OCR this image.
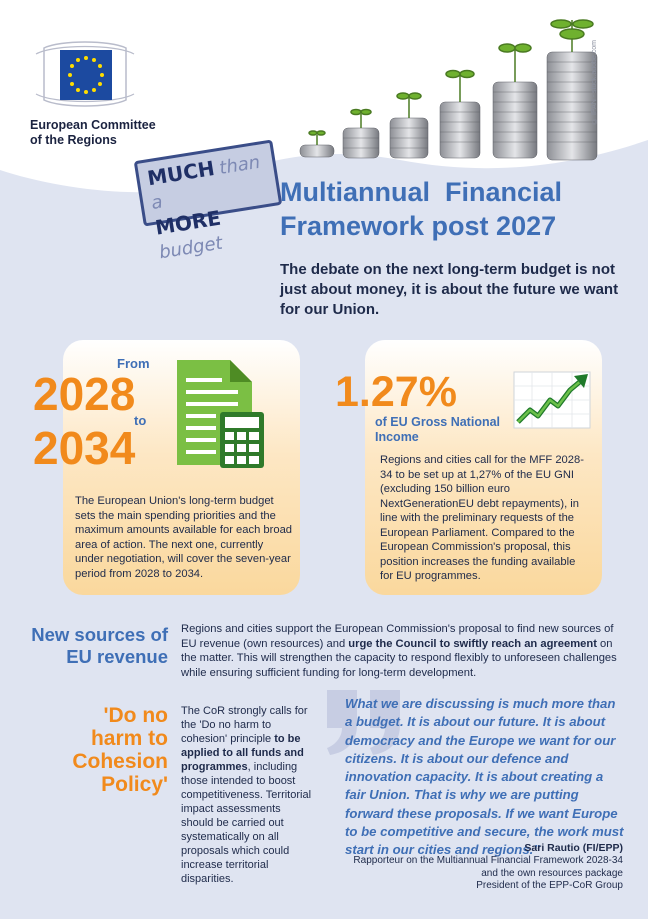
European Committee
of the Regions
© IPAN - stock.adobe.com
MUCH than a
MORE budget
Multiannual  Financial
Framework post 2027
The debate on the next long-term budget is not just about money, it is about the future we want for our Union.
From
2028
to
2034
The European Union's long-term budget sets the main spending priorities and the maximum amounts available for each broad area of action. The next one, currently under negotiation, will cover the seven-year period from 2028 to 2034.
1.27%
of EU Gross National Income
Regions and cities call for the MFF 2028-34 to be set up at 1,27% of the EU GNI (excluding 150 billion euro NextGenerationEU debt repayments), in line with the preliminary requests of the European Parliament. Compared to the European Commission's proposal, this position increases the funding available for EU programmes.
New sources of EU revenue
Regions and cities support the European Commission's proposal to find new sources of EU revenue (own resources) and urge the Council to swiftly reach an agreement on the matter. This will strengthen the capacity to respond flexibly to unforeseen challenges while ensuring sufficient funding for long-term development.
'Do no harm to Cohesion Policy'
The CoR strongly calls for the 'Do no harm to cohesion' principle to be applied to all funds and programmes, including those intended to boost competitiveness. Territorial impact assessments should be carried out systematically on all proposals which could increase territorial disparities.
What we are discussing is much more than a budget. It is about our future. It is about democracy and the Europe we want for our citizens. It is about our defence and innovation capacity. It is about creating a fair Union. That is why we are putting forward these proposals. If we want Europe to be competitive and secure, the work must start in our cities and regions.”
Sari Rautio (FI/EPP)
Rapporteur on the Multiannual Financial Framework 2028-34
and the own resources package
President of the EPP-CoR Group
